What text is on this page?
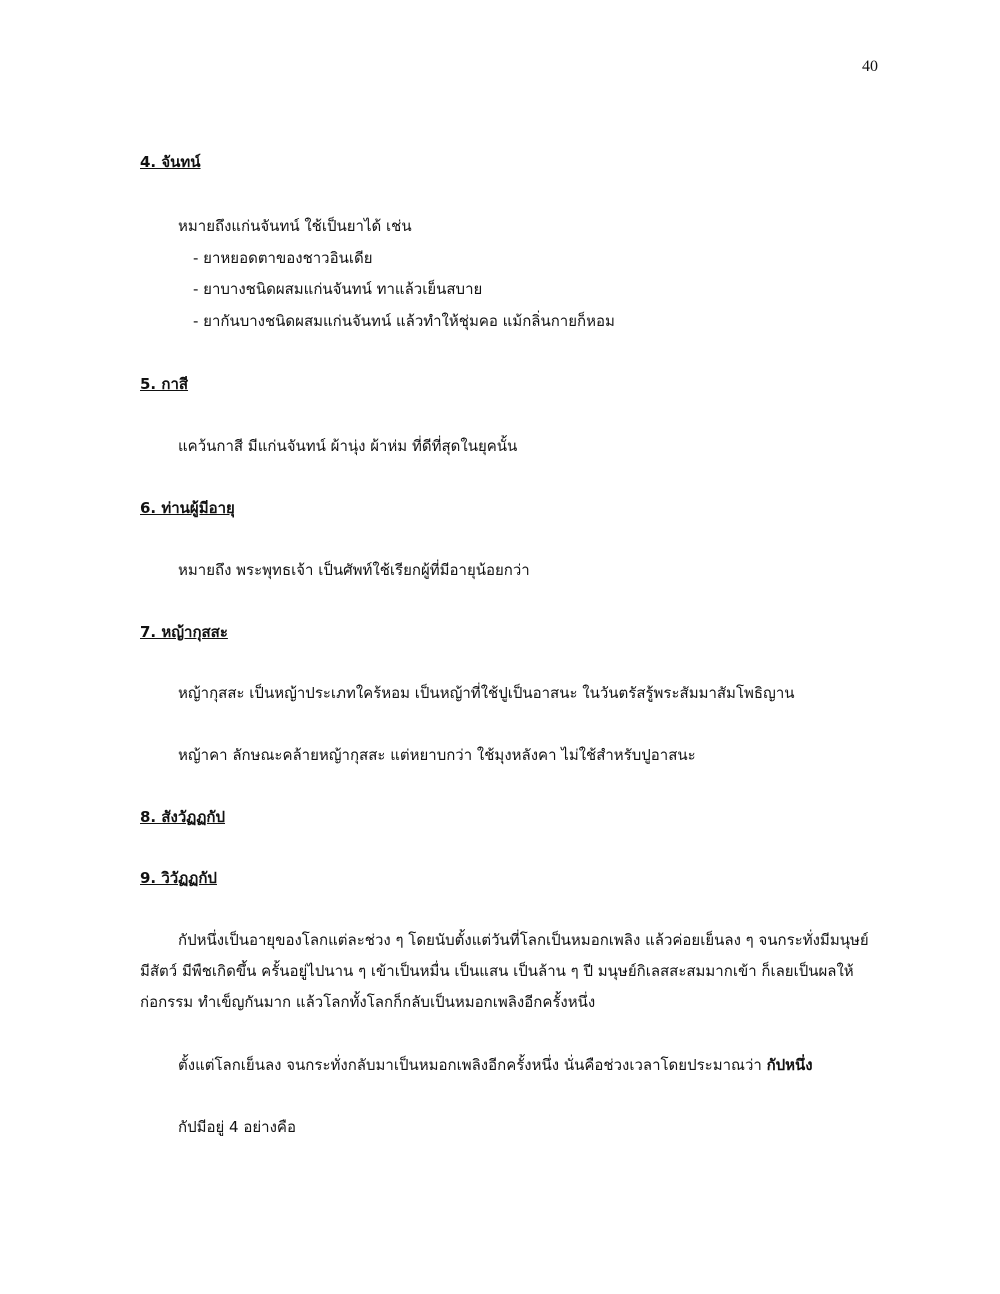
40
4. จันทน์
หมายถึงแก่นจันทน์ ใช้เป็นยาได้ เช่น
- ยาหยอดตาของชาวอินเดีย
- ยาบางชนิดผสมแก่นจันทน์ ทาแล้วเย็นสบาย
- ยากันบางชนิดผสมแก่นจันทน์ แล้วทำให้ชุ่มคอ แม้กลิ่นกายก็หอม
5. กาสี
แคว้นกาสี มีแก่นจันทน์ ผ้านุ่ง ผ้าห่ม ที่ดีที่สุดในยุคนั้น
6. ท่านผู้มีอายุ
หมายถึง พระพุทธเจ้า เป็นศัพท์ใช้เรียกผู้ที่มีอายุน้อยกว่า
7. หญ้ากุสสะ
หญ้ากุสสะ เป็นหญ้าประเภทใคร้หอม เป็นหญ้าที่ใช้ปูเป็นอาสนะ ในวันตรัสรู้พระสัมมาสัมโพธิญาน
หญ้าคา ลักษณะคล้ายหญ้ากุสสะ แต่หยาบกว่า ใช้มุงหลังคา ไม่ใช้สำหรับปูอาสนะ
8. สังวัฏฏกัป
9. วิวัฏฏกัป
กัปหนึ่งเป็นอายุของโลกแต่ละช่วง ๆ โดยนับตั้งแต่วันที่โลกเป็นหมอกเพลิง แล้วค่อยเย็นลง ๆ จนกระทั่งมีมนุษย์
มีสัตว์ มีพืชเกิดขึ้น ครั้นอยู่ไปนาน ๆ เข้าเป็นหมื่น เป็นแสน เป็นล้าน ๆ ปี มนุษย์กิเลสสะสมมากเข้า ก็เลยเป็นผลให้
ก่อกรรม ทำเข็ญกันมาก แล้วโลกทั้งโลกก็กลับเป็นหมอกเพลิงอีกครั้งหนึ่ง
ตั้งแต่โลกเย็นลง จนกระทั่งกลับมาเป็นหมอกเพลิงอีกครั้งหนึ่ง นั่นคือช่วงเวลาโดยประมาณว่า กัปหนึ่ง
กัปมีอยู่ 4 อย่างคือ
